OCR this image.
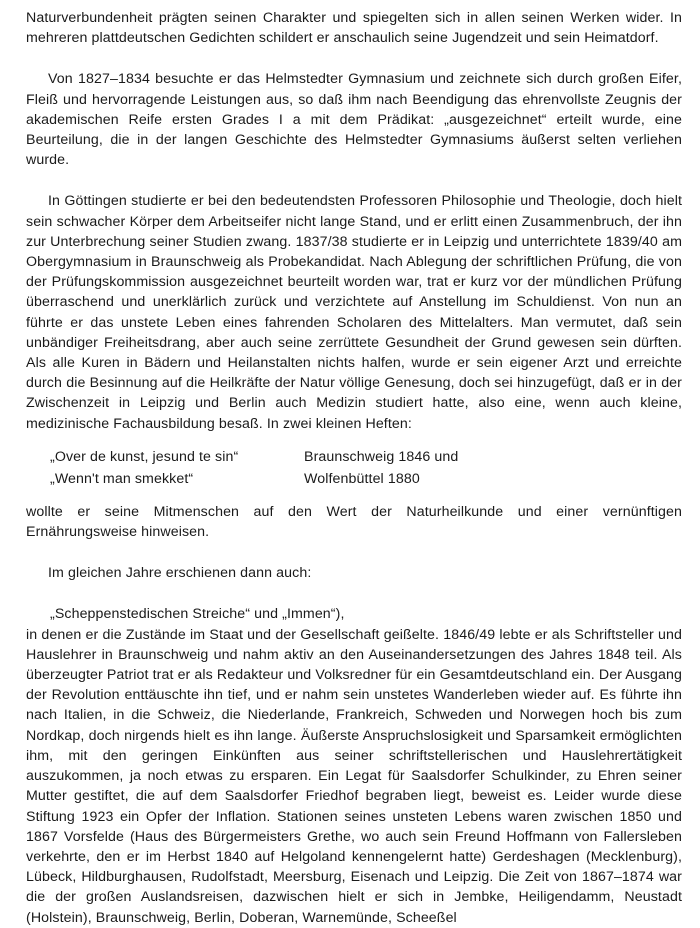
Naturverbundenheit prägten seinen Charakter und spiegelten sich in allen seinen Werken wider. In mehreren plattdeutschen Gedichten schildert er anschaulich seine Jugendzeit und sein Heimatdorf.

Von 1827–1834 besuchte er das Helmstedter Gymnasium und zeichnete sich durch großen Eifer, Fleiß und hervorragende Leistungen aus, so daß ihm nach Beendigung das ehrenvollste Zeugnis der akademischen Reife ersten Grades I a mit dem Prädikat: „ausgezeichnet“ erteilt wurde, eine Beurteilung, die in der langen Geschichte des Helmstedter Gymnasiums äußerst selten verliehen wurde.

In Göttingen studierte er bei den bedeutendsten Professoren Philosophie und Theologie, doch hielt sein schwacher Körper dem Arbeitseifer nicht lange Stand, und er erlitt einen Zusammenbruch, der ihn zur Unterbrechung seiner Studien zwang. 1837/38 studierte er in Leipzig und unterrichtete 1839/40 am Obergymnasium in Braunschweig als Probekandidat. Nach Ablegung der schriftlichen Prüfung, die von der Prüfungskommission ausgezeichnet beurteilt worden war, trat er kurz vor der mündlichen Prüfung überraschend und unerklärlich zurück und verzichtete auf Anstellung im Schuldienst. Von nun an führte er das unstete Leben eines fahrenden Scholaren des Mittelalters. Man vermutet, daß sein unbändiger Freiheitsdrang, aber auch seine zerrüttete Gesundheit der Grund gewesen sein dürften. Als alle Kuren in Bädern und Heilanstalten nichts halfen, wurde er sein eigener Arzt und erreichte durch die Besinnung auf die Heilkräfte der Natur völlige Genesung, doch sei hinzugefügt, daß er in der Zwischenzeit in Leipzig und Berlin auch Medizin studiert hatte, also eine, wenn auch kleine, medizinische Fachausbildung besaß. In zwei kleinen Heften:

„Over de kunst, jesund te sin“	Braunschweig 1846 und
„Wenn't man smekket“	Wolfenbüttel 1880

wollte er seine Mitmenschen auf den Wert der Naturheilkunde und einer vernünftigen Ernährungsweise hinweisen.

Im gleichen Jahre erschienen dann auch:

„Scheppenstedischen Streiche“ und „Immen“),

in denen er die Zustände im Staat und der Gesellschaft geißelte. 1846/49 lebte er als Schriftsteller und Hauslehrer in Braunschweig und nahm aktiv an den Auseinandersetzungen des Jahres 1848 teil. Als überzeugter Patriot trat er als Redakteur und Volksredner für ein Gesamtdeutschland ein. Der Ausgang der Revolution enttäuschte ihn tief, und er nahm sein unstetes Wanderleben wieder auf. Es führte ihn nach Italien, in die Schweiz, die Niederlande, Frankreich, Schweden und Norwegen hoch bis zum Nordkap, doch nirgends hielt es ihn lange. Äußerste Anspruchslosigkeit und Sparsamkeit ermöglichten ihm, mit den geringen Einkünften aus seiner schriftstellerischen und Hauslehrertätigkeit auszukommen, ja noch etwas zu ersparen. Ein Legat für Saalsdorfer Schulkinder, zu Ehren seiner Mutter gestiftet, die auf dem Saalsdorfer Friedhof begraben liegt, beweist es. Leider wurde diese Stiftung 1923 ein Opfer der Inflation. Stationen seines unsteten Lebens waren zwischen 1850 und 1867 Vorsfelde (Haus des Bürgermeisters Grethe, wo auch sein Freund Hoffmann von Fallersleben verkehrte, den er im Herbst 1840 auf Helgoland kennengelernt hatte) Gerdeshagen (Mecklenburg), Lübeck, Hildburghausen, Rudolfstadt, Meersburg, Eisenach und Leipzig. Die Zeit von 1867–1874 war die der großen Auslandsreisen, dazwischen hielt er sich in Jembke, Heiligendamm, Neustadt (Holstein), Braunschweig, Berlin, Doberan, Warnemünde, Scheeßel
